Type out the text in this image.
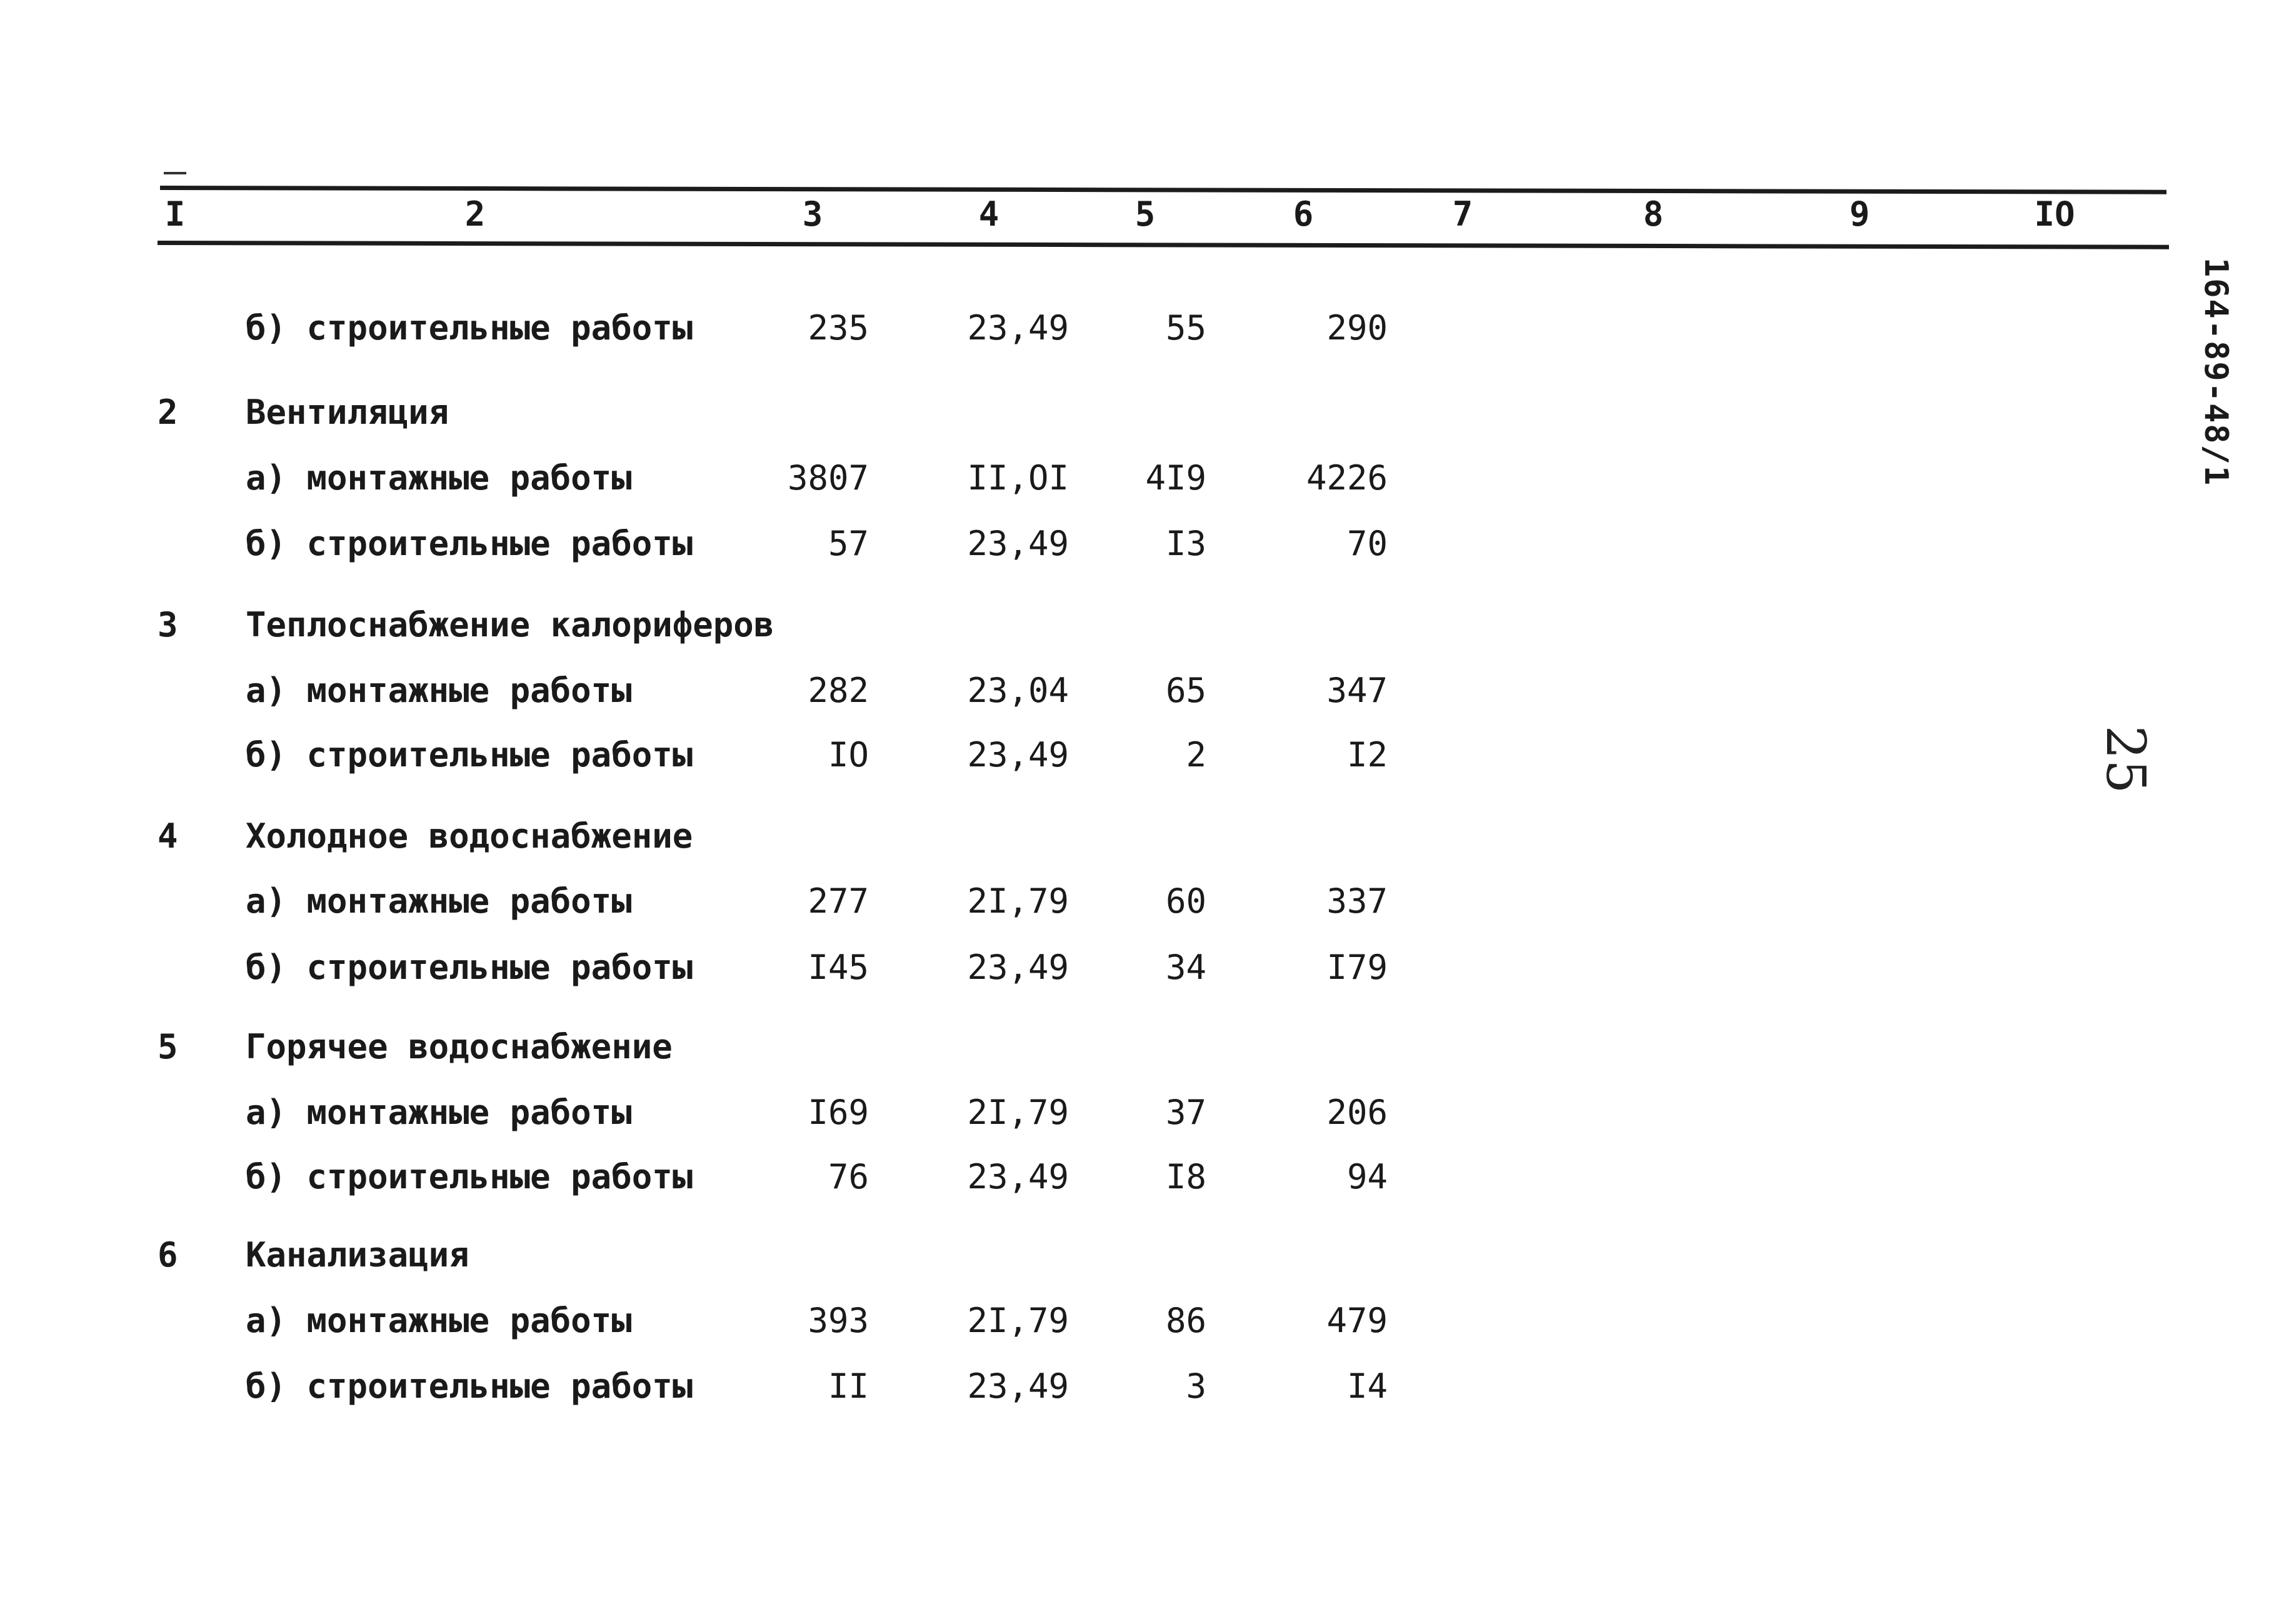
I	2	3	4	5	6	7	8	9	IO
б) строительные работы	235	23,49	55	290
2	Вентиляция
а) монтажные работы	3807	II,OI	4I9	4226
б) строительные работы	57	23,49	I3	70
3	Теплоснабжение калориферов
а) монтажные работы	282	23,04	65	347
б) строительные работы	IO	23,49	2	I2
4	Холодное водоснабжение
а) монтажные работы	277	2I,79	60	337
б) строительные работы	I45	23,49	34	I79
5	Горячее водоснабжение
а) монтажные работы	I69	2I,79	37	206
б) строительные работы	76	23,49	I8	94
6	Канализация
а) монтажные работы	393	2I,79	86	479
б) строительные работы	II	23,49	3	I4
164-89-48/1
25
